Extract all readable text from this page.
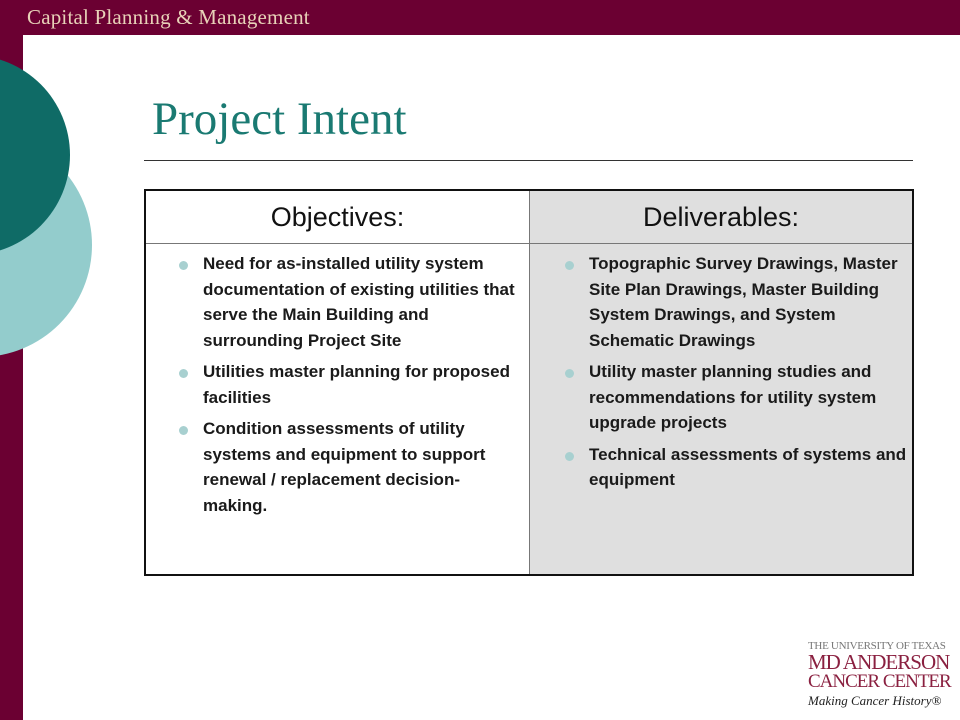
Capital Planning & Management
Project Intent
Objectives:
Need for as-installed utility system documentation of existing utilities that serve the Main Building and surrounding Project Site
Utilities master planning for proposed facilities
Condition assessments of utility systems and equipment to support renewal / replacement decision-making.
Deliverables:
Topographic Survey Drawings, Master Site Plan Drawings, Master Building System Drawings, and System Schematic Drawings
Utility master planning studies and recommendations for utility system upgrade projects
Technical assessments of systems and equipment
THE UNIVERSITY OF TEXAS
MD ANDERSON
CANCER CENTER
Making Cancer History®
